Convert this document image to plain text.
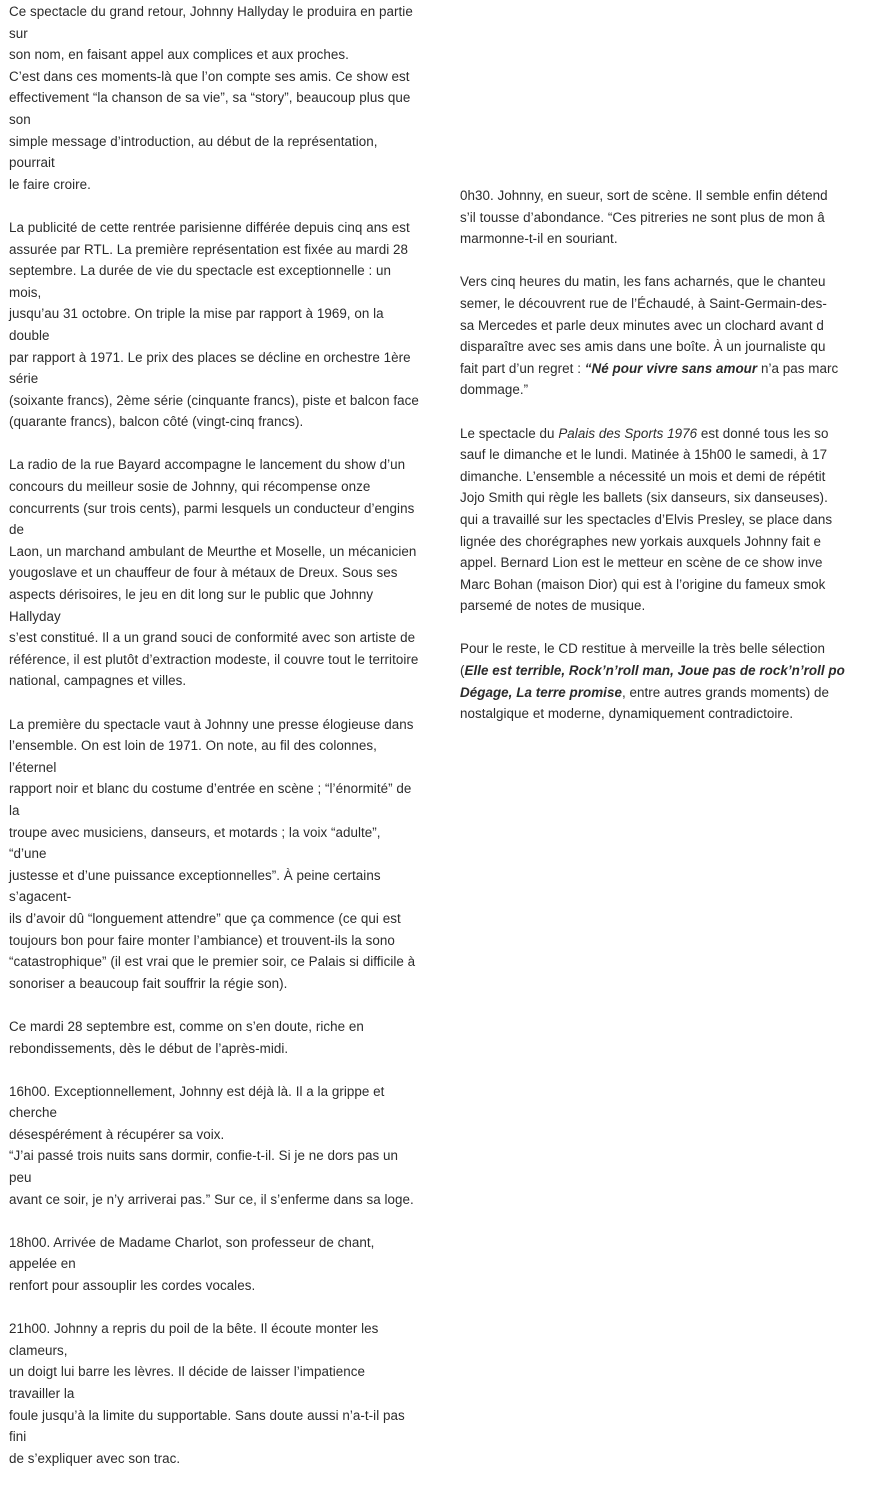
Ce spectacle du grand retour, Johnny Hallyday le produira en partie sur
son nom, en faisant appel aux complices et aux proches.
C’est dans ces moments-là que l’on compte ses amis. Ce show est
effectivement “la chanson de sa vie”, sa “story”, beaucoup plus que son
simple message d’introduction, au début de la représentation, pourrait
le faire croire.

La publicité de cette rentrée parisienne différée depuis cinq ans est
assurée par RTL. La première représentation est fixée au mardi 28
septembre. La durée de vie du spectacle est exceptionnelle : un mois,
jusqu’au 31 octobre. On triple la mise par rapport à 1969, on la double
par rapport à 1971. Le prix des places se décline en orchestre 1ère série
(soixante francs), 2ème série (cinquante francs), piste et balcon face
(quarante francs), balcon côté (vingt-cinq francs).

La radio de la rue Bayard accompagne le lancement du show d’un
concours du meilleur sosie de Johnny, qui récompense onze
concurrents (sur trois cents), parmi lesquels un conducteur d’engins de
Laon, un marchand ambulant de Meurthe et Moselle, un mécanicien
yougoslave et un chauffeur de four à métaux de Dreux. Sous ses
aspects dérisoires, le jeu en dit long sur le public que Johnny Hallyday
s’est constitué. Il a un grand souci de conformité avec son artiste de
référence, il est plutôt d’extraction modeste, il couvre tout le territoire
national, campagnes et villes.

La première du spectacle vaut à Johnny une presse élogieuse dans
l’ensemble. On est loin de 1971. On note, au fil des colonnes, l’éternel
rapport noir et blanc du costume d’entrée en scène ; “l’énormité” de la
troupe avec musiciens, danseurs, et motards ; la voix “adulte”, “d’une
justesse et d’une puissance exceptionnelles”. À peine certains s’agacent-
ils d’avoir dû “longuement attendre” que ça commence (ce qui est
toujours bon pour faire monter l’ambiance) et trouvent-ils la sono
“catastrophique” (il est vrai que le premier soir, ce Palais si difficile à
sonoriser a beaucoup fait souffrir la régie son).

Ce mardi 28 septembre est, comme on s’en doute, riche en
rebondissements, dès le début de l’après-midi.

16h00. Exceptionnellement, Johnny est déjà là. Il a la grippe et cherche
désespérément à récupérer sa voix.
“J’ai passé trois nuits sans dormir, confie-t-il. Si je ne dors pas un peu
avant ce soir, je n’y arriverai pas.” Sur ce, il s’enferme dans sa loge.

18h00. Arrivée de Madame Charlot, son professeur de chant, appelée en
renfort pour assouplir les cordes vocales.

21h00. Johnny a repris du poil de la bête. Il écoute monter les clameurs,
un doigt lui barre les lèvres. Il décide de laisser l’impatience travailler la
foule jusqu’à la limite du supportable. Sans doute aussi n’a-t-il pas fini
de s’expliquer avec son trac.

0h30. Johnny, en sueur, sort de scène. Il semble enfin détend
s’il tousse d’abondance. “Ces pitreries ne sont plus de mon â
marmonne-t-il en souriant.

Vers cinq heures du matin, les fans acharnés, que le chanteu
semer, le découvrent rue de l’Échaudé, à Saint-Germain-des-
sa Mercedes et parle deux minutes avec un clochard avant d
disparaître avec ses amis dans une boîte. À un journaliste qu
fait part d’un regret : “Né pour vivre sans amour n’a pas marc
dommage.”

Le spectacle du Palais des Sports 1976 est donné tous les so
sauf le dimanche et le lundi. Matinée à 15h00 le samedi, à 17
dimanche. L’ensemble a nécessité un mois et demi de répétit
Jojo Smith qui règle les ballets (six danseurs, six danseuses).
qui a travaillé sur les spectacles d’Elvis Presley, se place dans
lignée des chorégraphes new yorkais auxquels Johnny fait e
appel. Bernard Lion est le metteur en scène de ce show inve
Marc Bohan (maison Dior) qui est à l’origine du fameux smok
parsemé de notes de musique.

Pour le reste, le CD restitue à merveille la très belle sélection
(Elle est terrible, Rock’n’roll man, Joue pas de rock’n’roll po
Dégage, La terre promise, entre autres grands moments) de
nostalgique et moderne, dynamiquement contradictoire.
